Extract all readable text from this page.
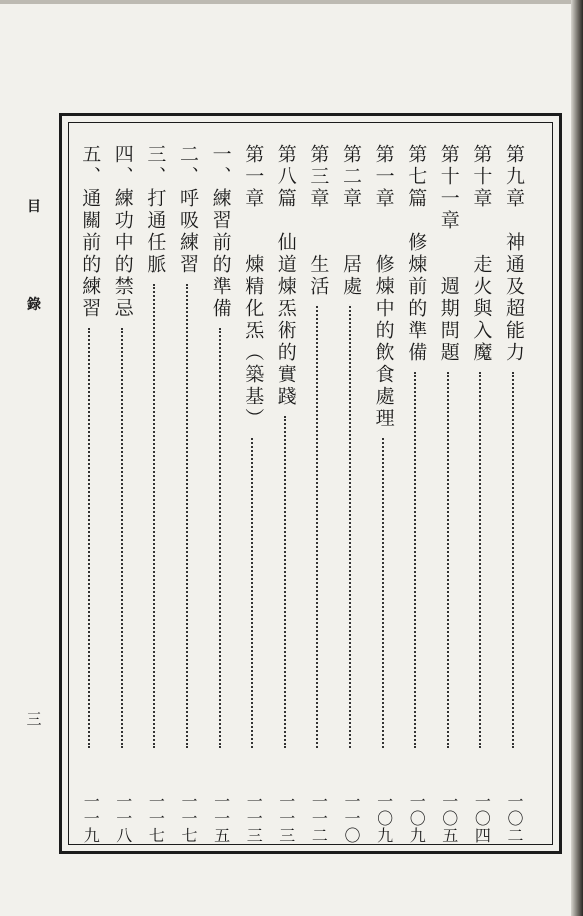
目
錄
三
第九章　神通及超能力
一〇二
第十章　　走火與入魔
一〇四
第十一章　　週期問題
一〇五
第七篇　修煉前的準備
一〇九
第一章　　修煉中的飲食處理
一〇九
第二章　　居處
一一〇
第三章　　生活
一一二
第八篇　仙道煉炁術的實踐
一一三
第一章　　煉精化炁（築基）
一一三
一、練習前的準備
一一五
二、呼吸練習
一一七
三、打通任脈
一一七
四、練功中的禁忌
一一八
五、通關前的練習
一一九
